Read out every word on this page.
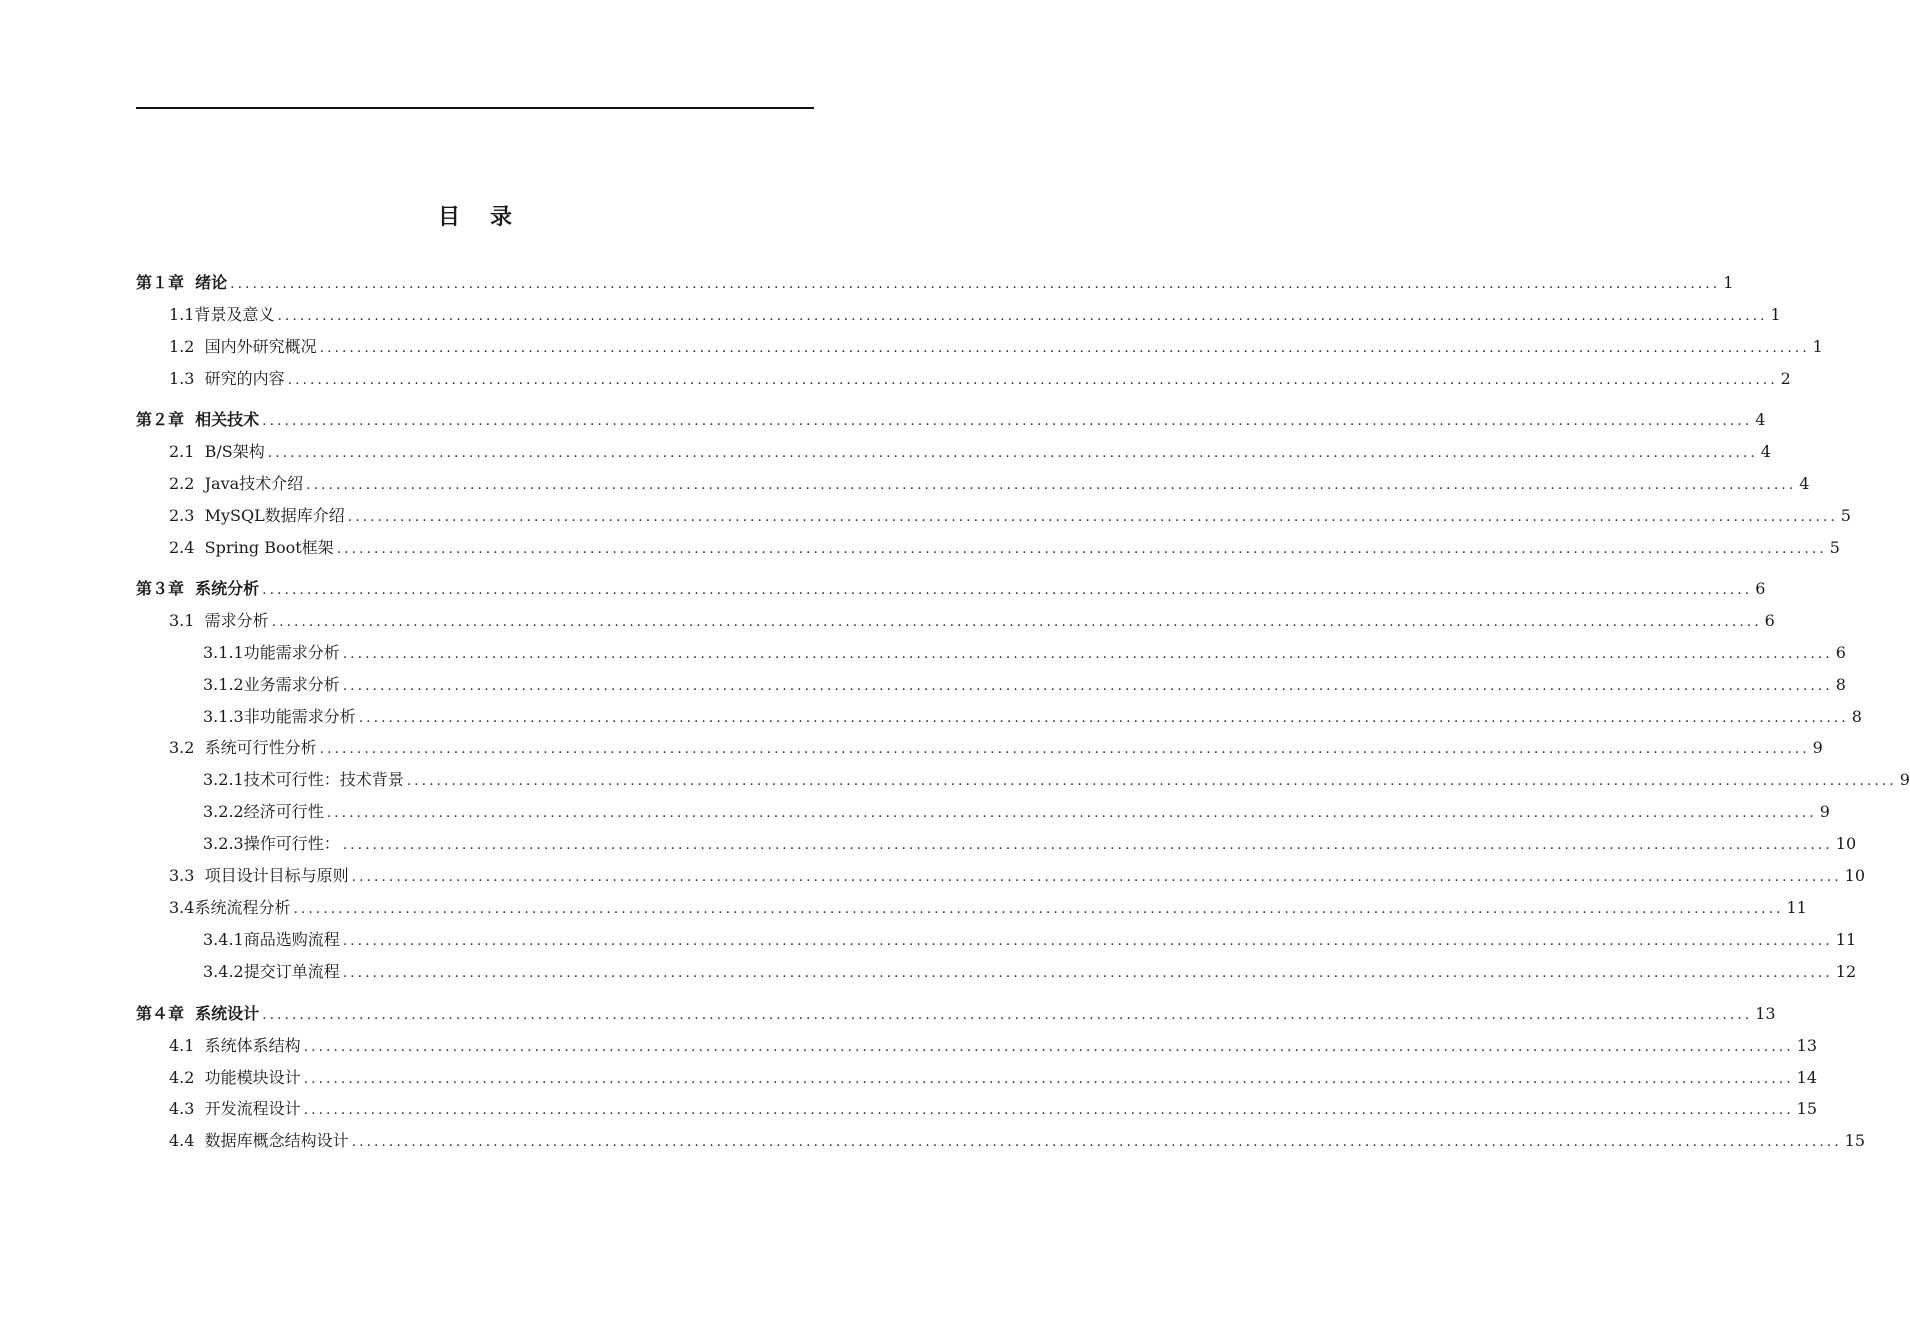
目 录
第１章  绪论 ........................................................................................................................................................................................................ 1
1.1背景及意义 ........................................................................................................................................................................................................ 1
1.2  国内外研究概况 ........................................................................................................................................................................................................ 1
1.3  研究的内容 ........................................................................................................................................................................................................ 2
第２章  相关技术 ........................................................................................................................................................................................................ 4
2.1  B/S架构 ........................................................................................................................................................................................................ 4
2.2  Java技术介绍 ........................................................................................................................................................................................................ 4
2.3  MySQL数据库介绍 ........................................................................................................................................................................................................ 5
2.4  Spring Boot框架 ........................................................................................................................................................................................................ 5
第３章  系统分析 ........................................................................................................................................................................................................ 6
3.1  需求分析 ........................................................................................................................................................................................................ 6
3.1.1功能需求分析 ........................................................................................................................................................................................................ 6
3.1.2业务需求分析 ........................................................................................................................................................................................................ 8
3.1.3非功能需求分析 ........................................................................................................................................................................................................ 8
3.2  系统可行性分析 ........................................................................................................................................................................................................ 9
3.2.1技术可行性：技术背景 ........................................................................................................................................................................................................ 9
3.2.2经济可行性 ........................................................................................................................................................................................................ 9
3.2.3操作可行性： ........................................................................................................................................................................................................ 10
3.3  项目设计目标与原则 ........................................................................................................................................................................................................ 10
3.4系统流程分析 ........................................................................................................................................................................................................ 11
3.4.1商品选购流程 ........................................................................................................................................................................................................ 11
3.4.2提交订单流程 ........................................................................................................................................................................................................ 12
第４章  系统设计 ........................................................................................................................................................................................................ 13
4.1  系统体系结构 ........................................................................................................................................................................................................ 13
4.2  功能模块设计 ........................................................................................................................................................................................................ 14
4.3  开发流程设计 ........................................................................................................................................................................................................ 15
4.4  数据库概念结构设计 ........................................................................................................................................................................................................ 15
